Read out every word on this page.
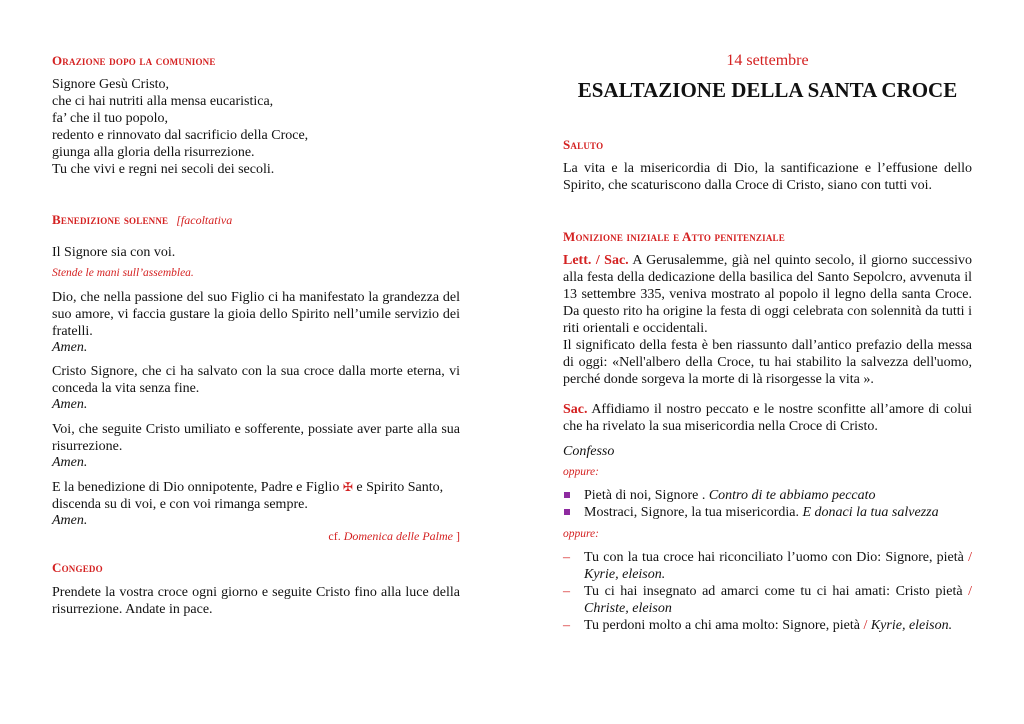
Orazione dopo la comunione
Signore Gesù Cristo,
che ci hai nutriti alla mensa eucaristica,
fa’ che il tuo popolo,
redento e rinnovato dal sacrificio della Croce,
giunga alla gloria della risurrezione.
Tu che vivi e regni nei secoli dei secoli.
Benedizione solenne [facoltativa
Il Signore sia con voi.
Stende le mani sull’assemblea.
Dio, che nella passione del suo Figlio ci ha manifestato la grandezza del suo amore, vi faccia gustare la gioia dello Spirito nell’umile servizio dei fratelli.
Amen.
Cristo Signore, che ci ha salvato con la sua croce dalla morte eterna, vi conceda la vita senza fine.
Amen.
Voi, che seguite Cristo umiliato e sofferente, possiate aver parte alla sua risurrezione.
Amen.
E la benedizione di Dio onnipotente, Padre e Figlio ✠ e Spirito Santo, discenda su di voi, e con voi rimanga sempre.
Amen.
cf. Domenica delle Palme ]
Congedo
Prendete la vostra croce ogni giorno e seguite Cristo fino alla luce della risurrezione. Andate in pace.
14 settembre
ESALTAZIONE DELLA SANTA CROCE
Saluto
La vita e la misericordia di Dio, la santificazione e l’effusione dello Spirito, che scaturiscono dalla Croce di Cristo, siano con tutti voi.
Monizione iniziale e Atto penitenziale
Lett. / Sac. A Gerusalemme, già nel quinto secolo, il giorno successivo alla festa della dedicazione della basilica del Santo Sepolcro, avvenuta il 13 settembre 335, veniva mostrato al popolo il legno della santa Croce. Da questo rito ha origine la festa di oggi celebrata con solennità da tutti i riti orientali e occidentali.
Il significato della festa è ben riassunto dall’antico prefazio della messa di oggi: «Nell'albero della Croce, tu hai stabilito la salvezza dell'uomo, perché donde sorgeva la morte di là risorgesse la vita ».
Sac. Affidiamo il nostro peccato e le nostre sconfitte all’amore di colui che ha rivelato la sua misericordia nella Croce di Cristo.
Confesso
oppure:
Pietà di noi, Signore . Contro di te abbiamo peccato
Mostraci, Signore, la tua misericordia. E donaci la tua salvezza
oppure:
– Tu con la tua croce hai riconciliato l’uomo con Dio: Signore, pietà / Kyrie, eleison.
– Tu ci hai insegnato ad amarci come tu ci hai amati: Cristo pietà / Christe, eleison
– Tu perdoni molto a chi ama molto: Signore, pietà / Kyrie, eleison.
